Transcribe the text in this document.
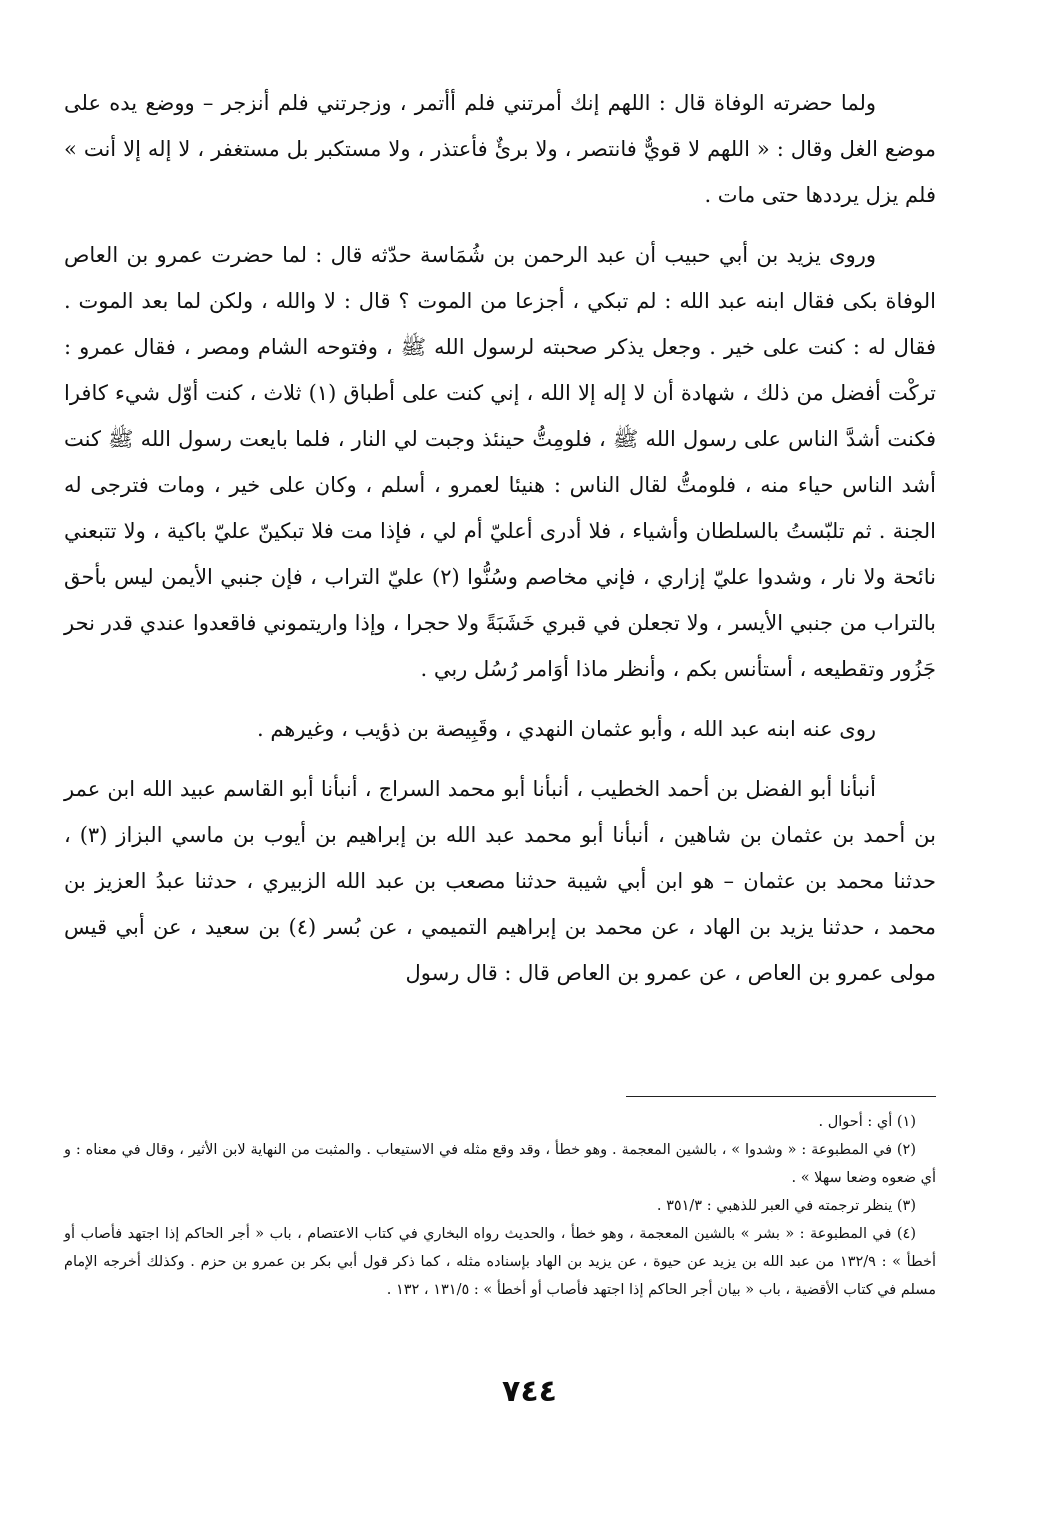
ولما حضرته الوفاة قال : اللهم إنك أمرتني فلم أأتمر ، وزجرتني فلم أنزجر – ووضع يده على موضع الغل وقال : « اللهم لا قويٌّ فانتصر ، ولا برئٌ فأعتذر ، ولا مستكبر بل مستغفر ، لا إله إلا أنت » فلم يزل يرددها حتى مات .

وروى يزيد بن أبي حبيب أن عبد الرحمن بن شُمَاسة حدّثه قال : لما حضرت عمرو بن العاص الوفاة بكى فقال ابنه عبد الله : لم تبكي ، أجزعا من الموت ؟ قال : لا والله ، ولكن لما بعد الموت . فقال له : كنت على خير . وجعل يذكر صحبته لرسول الله ﷺ ، وفتوحه الشام ومصر ، فقال عمرو : تركْت أفضل من ذلك ، شهادة أن لا إله إلا الله ، إني كنت على أطباق (١) ثلاث ، كنت أوّل شيء كافرا فكنت أشدَّ الناس على رسول الله ﷺ ، فلومِتُّ حينئذ وجبت لي النار ، فلما بايعت رسول الله ﷺ كنت أشد الناس حياء منه ، فلومتُّ لقال الناس : هنيئا لعمرو ، أسلم ، وكان على خير ، ومات فترجى له الجنة . ثم تلبّستُ بالسلطان وأشياء ، فلا أدرى أعليّ أم لي ، فإذا مت فلا تبكينّ عليّ باكية ، ولا تتبعني نائحة ولا نار ، وشدوا عليّ إزاري ، فإني مخاصم وسُنُّوا (٢) عليّ التراب ، فإن جنبي الأيمن ليس بأحق بالتراب من جنبي الأيسر ، ولا تجعلن في قبري خَشَبَةً ولا حجرا ، وإذا واريتموني فاقعدوا عندي قدر نحر جَزُور وتقطيعه ، أستأنس بكم ، وأنظر ماذا أوَامر رُسُل ربي .

روى عنه ابنه عبد الله ، وأبو عثمان النهدي ، وقَبِيصة بن ذؤيب ، وغيرهم .

أنبأنا أبو الفضل بن أحمد الخطيب ، أنبأنا أبو محمد السراج ، أنبأنا أبو القاسم عبيد الله ابن عمر بن أحمد بن عثمان بن شاهين ، أنبأنا أبو محمد عبد الله بن إبراهيم بن أيوب بن ماسي البزاز (٣) ، حدثنا محمد بن عثمان – هو ابن أبي شيبة حدثنا مصعب بن عبد الله الزبيري ، حدثنا عبدُ العزيز بن محمد ، حدثنا يزيد بن الهاد ، عن محمد بن إبراهيم التميمي ، عن بُسر (٤) بن سعيد ، عن أبي قيس مولى عمرو بن العاص ، عن عمرو بن العاص قال : قال رسول

(١) أي : أحوال .

(٢) في المطبوعة : « وشدوا » ، بالشين المعجمة . وهو خطأ ، وقد وقع مثله في الاستيعاب . والمثبت من النهاية لابن الأثير ، وقال في معناه : و أي ضعوه وضعا سهلا » .

(٣) ينظر ترجمته في العبر للذهبي : ٣٥١/٣ .

(٤) في المطبوعة : « بشر » بالشين المعجمة ، وهو خطأ ، والحديث رواه البخاري في كتاب الاعتصام ، باب « أجر الحاكم إذا اجتهد فأصاب أو أخطأ » : ١٣٢/٩ من عبد الله بن يزيد عن حيوة ، عن يزيد بن الهاد بإسناده مثله ، كما ذكر قول أبي بكر بن عمرو بن حزم . وكذلك أخرجه الإمام مسلم في كتاب الأقضية ، باب « بيان أجر الحاكم إذا اجتهد فأصاب أو أخطأ » : ١٣١/٥ ، ١٣٢ .

٧٤٤
